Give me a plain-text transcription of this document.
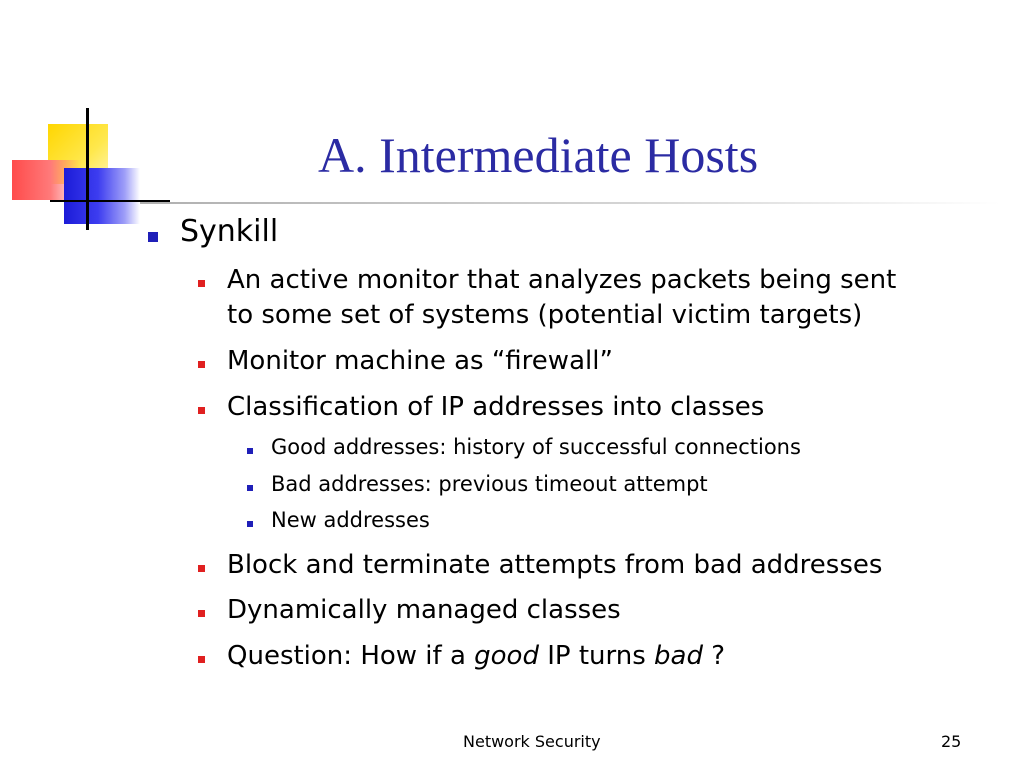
A. Intermediate Hosts
Synkill
An active monitor that analyzes packets being sent
to some set of systems (potential victim targets)
Monitor machine as “firewall”
Classification of IP addresses into classes
Good addresses: history of successful connections
Bad addresses: previous timeout attempt
New addresses
Block and terminate attempts from bad addresses
Dynamically managed classes
Question: How if a good IP turns bad ?
Network Security	25
